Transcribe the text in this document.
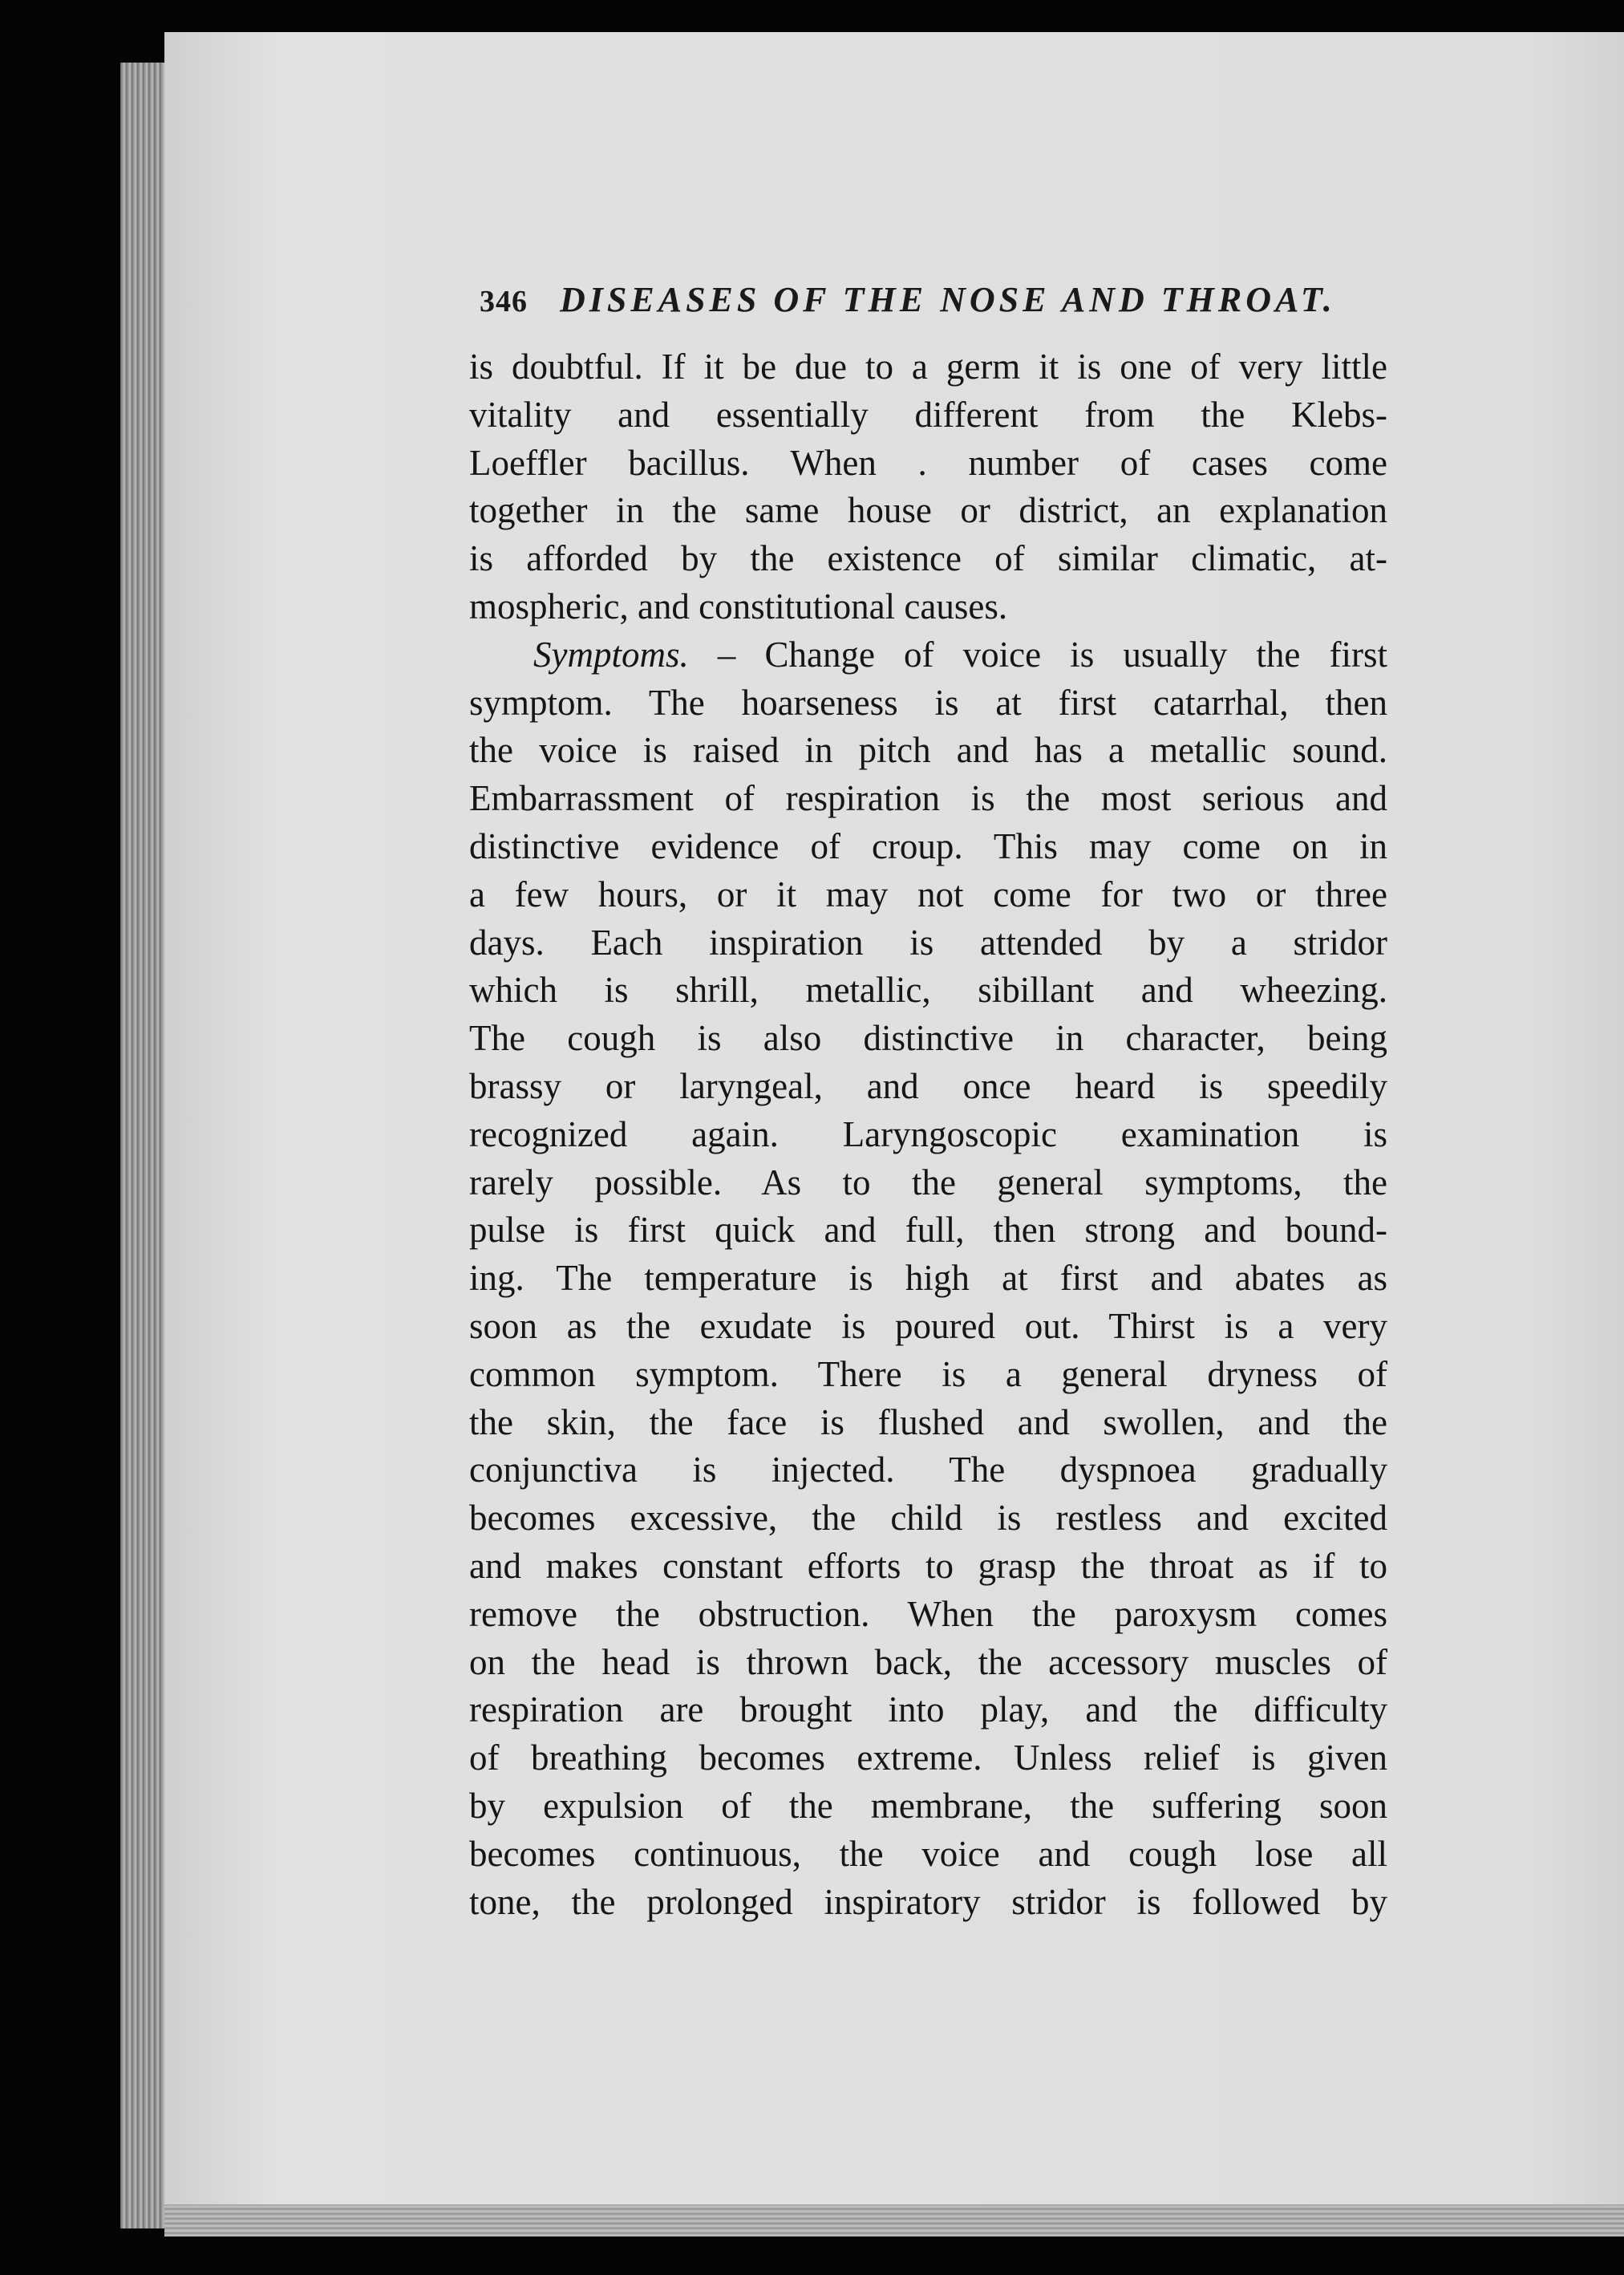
346 DISEASES OF THE NOSE AND THROAT.
is doubtful. If it be due to a germ it is one of very little
vitality and essentially different from the Klebs-
Loeffler bacillus. When . number of cases come
together in the same house or district, an explanation
is afforded by the existence of similar climatic, at-
mospheric, and constitutional causes.
Symptoms. – Change of voice is usually the first
symptom. The hoarseness is at first catarrhal, then
the voice is raised in pitch and has a metallic sound.
Embarrassment of respiration is the most serious and
distinctive evidence of croup. This may come on in
a few hours, or it may not come for two or three
days. Each inspiration is attended by a stridor
which is shrill, metallic, sibillant and wheezing.
The cough is also distinctive in character, being
brassy or laryngeal, and once heard is speedily
recognized again. Laryngoscopic examination is
rarely possible. As to the general symptoms, the
pulse is first quick and full, then strong and bound-
ing. The temperature is high at first and abates as
soon as the exudate is poured out. Thirst is a very
common symptom. There is a general dryness of
the skin, the face is flushed and swollen, and the
conjunctiva is injected. The dyspnoea gradually
becomes excessive, the child is restless and excited
and makes constant efforts to grasp the throat as if to
remove the obstruction. When the paroxysm comes
on the head is thrown back, the accessory muscles of
respiration are brought into play, and the difficulty
of breathing becomes extreme. Unless relief is given
by expulsion of the membrane, the suffering soon
becomes continuous, the voice and cough lose all
tone, the prolonged inspiratory stridor is followed by
